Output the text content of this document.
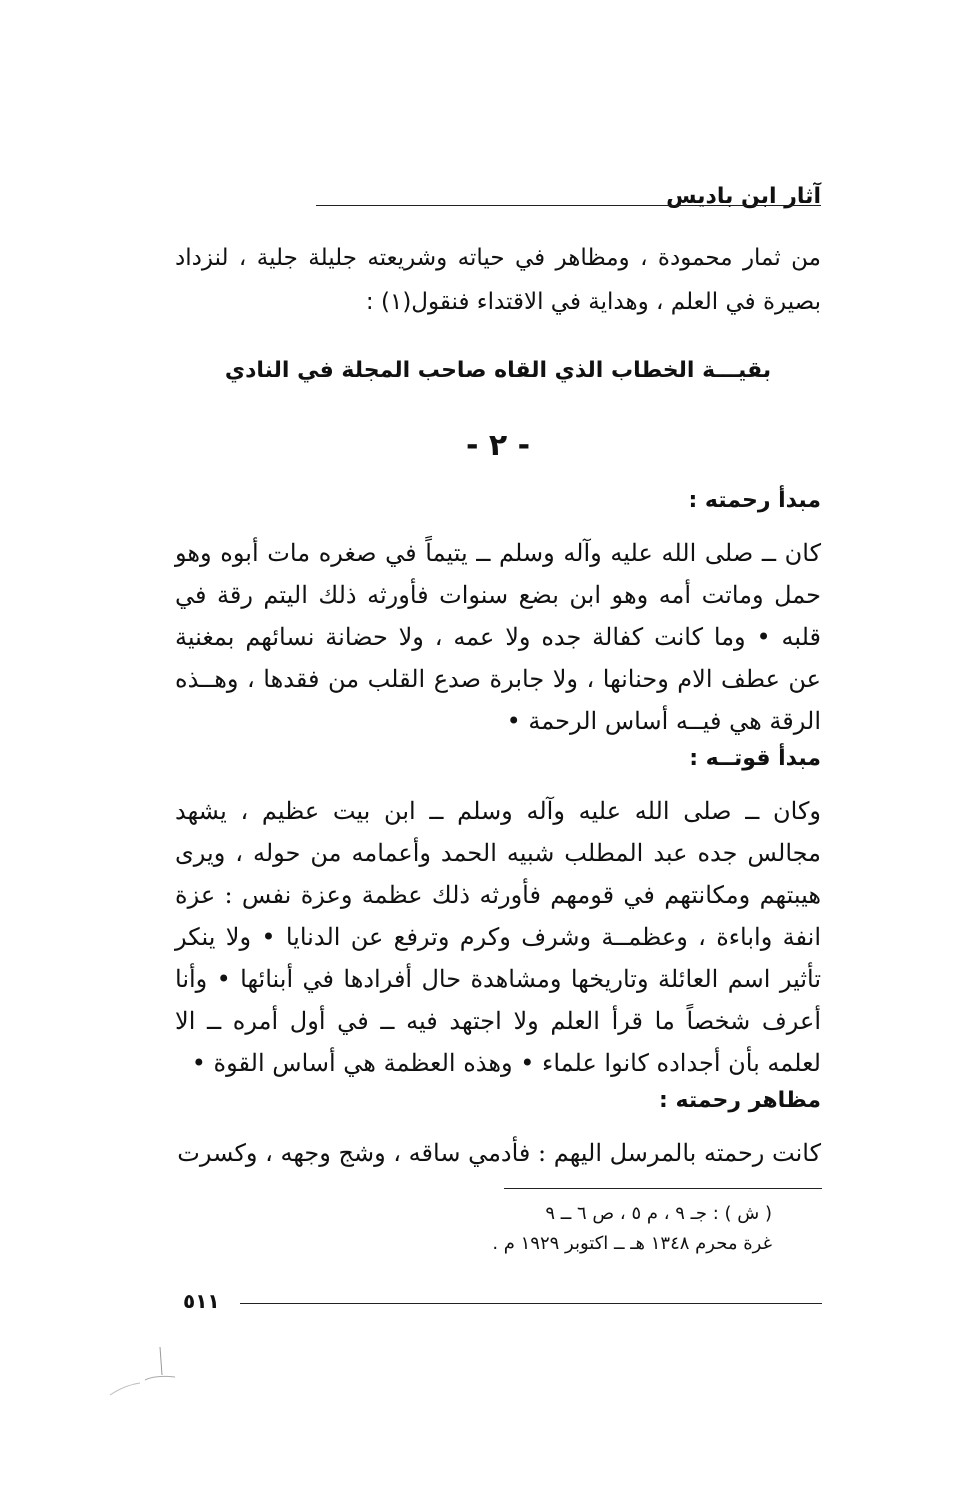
آثار ابن باديس
من ثمار محمودة ، ومظاهر في حياته وشريعته جليلة جلية ، لنزداد بصيرة في العلم ، وهداية في الاقتداء فنقول(١) :
بقيـــة الخطاب الذي القاه صاحب المجلة في النادي
- ٢ -
مبدأ رحمته :
كان ــ صلى الله عليه وآله وسلم ــ يتيماً في صغره مات أبوه وهو حمل وماتت أمه وهو ابن بضع سنوات فأورثه ذلك اليتم رقة في قلبه • وما كانت كفالة جده ولا عمه ، ولا حضانة نسائهم بمغنية عن عطف الام وحنانها ، ولا جابرة صدع القلب من فقدها ، وهــذه الرقة هي فيــه أساس الرحمة •
مبدأ قوتــه :
وكان ــ صلى الله عليه وآله وسلم ــ ابن بيت عظيم ، يشهد مجالس جده عبد المطلب شبيه الحمد وأعمامه من حوله ، ويرى هيبتهم ومكانتهم في قومهم فأورثه ذلك عظمة وعزة نفس : عزة انفة واباءة ، وعظمــة وشرف وكرم وترفع عن الدنايا • ولا ينكر تأثير اسم العائلة وتاريخها ومشاهدة حال أفرادها في أبنائها • وأنا أعرف شخصاً ما قرأ العلم ولا اجتهد فيه ــ في أول أمره ــ الا لعلمه بأن أجداده كانوا علماء • وهذه العظمة هي أساس القوة •
مظاهر رحمته :
كانت رحمته بالمرسل اليهم : فأدمي ساقه ، وشج وجهه ، وكسرت
( ش ) : جـ ٩ ، م ٥ ، ص ٦ ــ ٩
غرة محرم ١٣٤٨ هـ ــ اكتوبر ١٩٢٩ م .
٥١١
